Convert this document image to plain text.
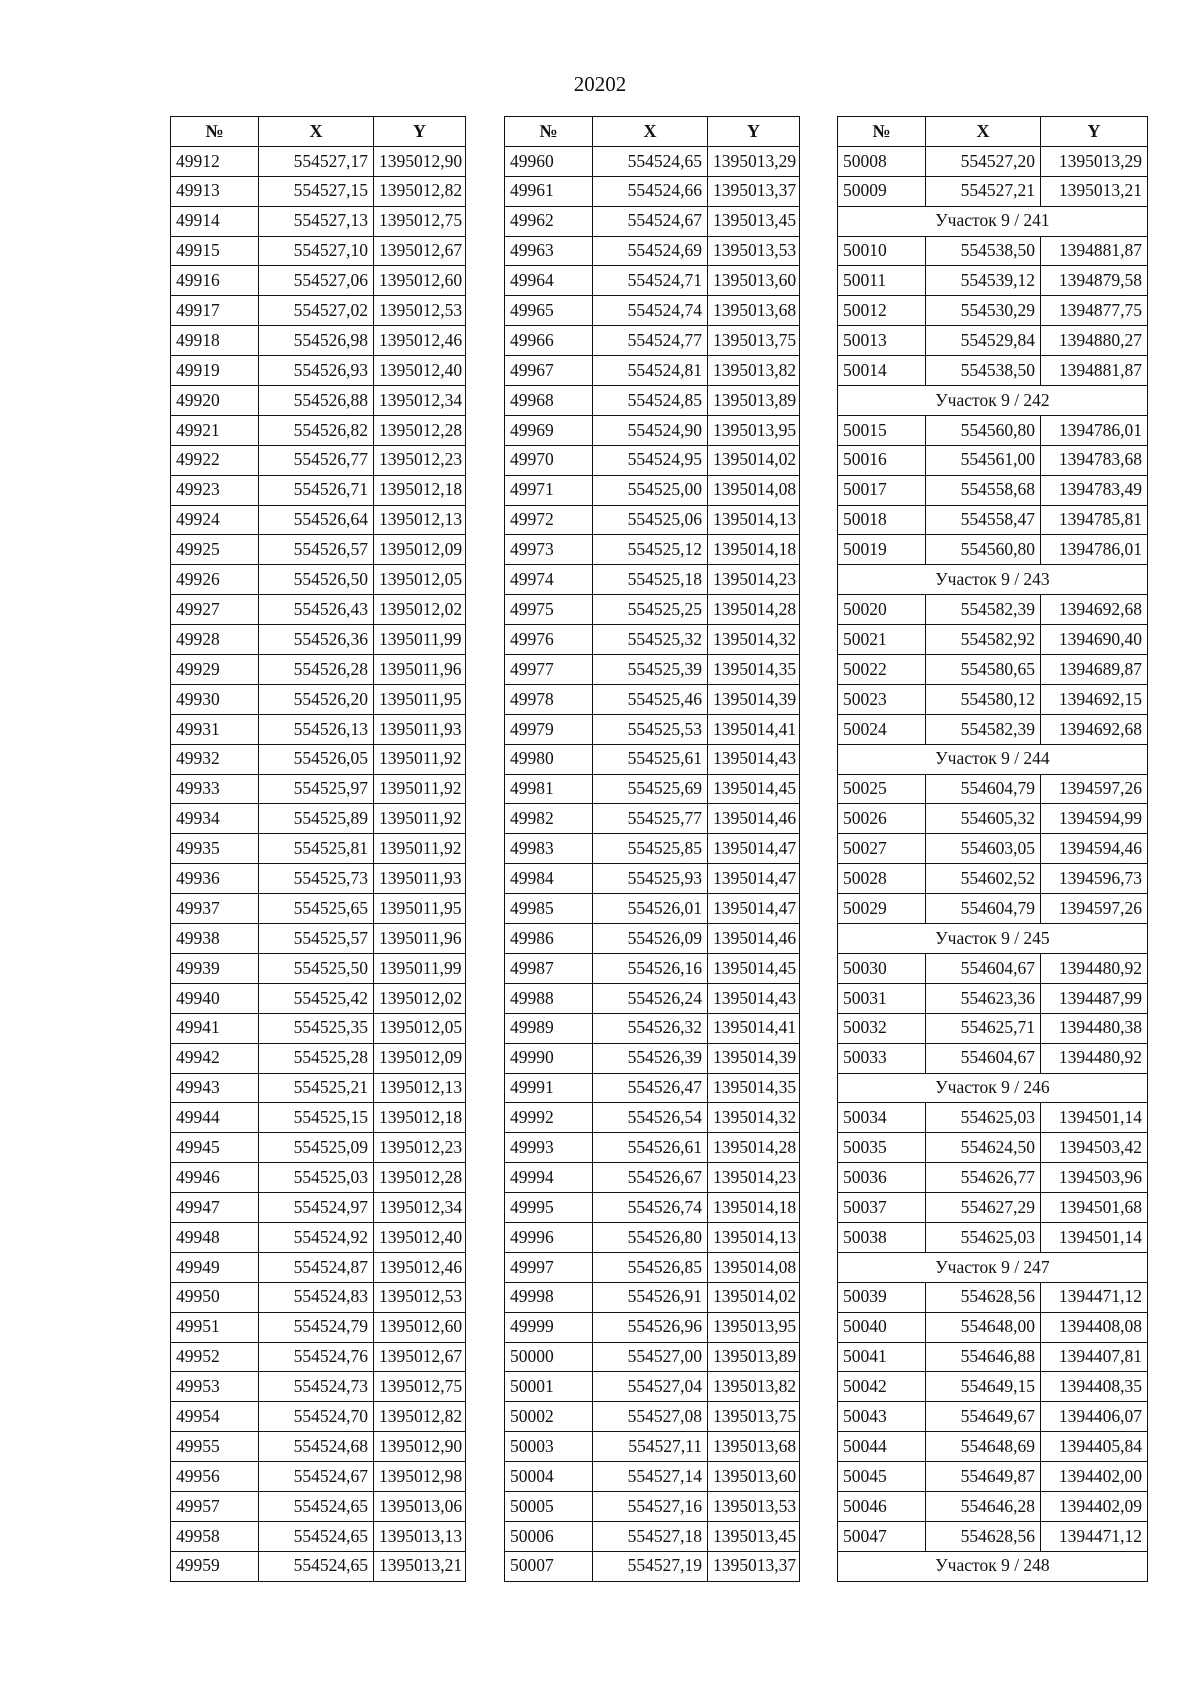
20202
№	X	Y
49912	554527,17	1395012,90
49913	554527,15	1395012,82
49914	554527,13	1395012,75
49915	554527,10	1395012,67
49916	554527,06	1395012,60
49917	554527,02	1395012,53
49918	554526,98	1395012,46
49919	554526,93	1395012,40
49920	554526,88	1395012,34
49921	554526,82	1395012,28
49922	554526,77	1395012,23
49923	554526,71	1395012,18
49924	554526,64	1395012,13
49925	554526,57	1395012,09
49926	554526,50	1395012,05
49927	554526,43	1395012,02
49928	554526,36	1395011,99
49929	554526,28	1395011,96
49930	554526,20	1395011,95
49931	554526,13	1395011,93
49932	554526,05	1395011,92
49933	554525,97	1395011,92
49934	554525,89	1395011,92
49935	554525,81	1395011,92
49936	554525,73	1395011,93
49937	554525,65	1395011,95
49938	554525,57	1395011,96
49939	554525,50	1395011,99
49940	554525,42	1395012,02
49941	554525,35	1395012,05
49942	554525,28	1395012,09
49943	554525,21	1395012,13
49944	554525,15	1395012,18
49945	554525,09	1395012,23
49946	554525,03	1395012,28
49947	554524,97	1395012,34
49948	554524,92	1395012,40
49949	554524,87	1395012,46
49950	554524,83	1395012,53
49951	554524,79	1395012,60
49952	554524,76	1395012,67
49953	554524,73	1395012,75
49954	554524,70	1395012,82
49955	554524,68	1395012,90
49956	554524,67	1395012,98
49957	554524,65	1395013,06
49958	554524,65	1395013,13
49959	554524,65	1395013,21
№	X	Y
49960	554524,65	1395013,29
49961	554524,66	1395013,37
49962	554524,67	1395013,45
49963	554524,69	1395013,53
49964	554524,71	1395013,60
49965	554524,74	1395013,68
49966	554524,77	1395013,75
49967	554524,81	1395013,82
49968	554524,85	1395013,89
49969	554524,90	1395013,95
49970	554524,95	1395014,02
49971	554525,00	1395014,08
49972	554525,06	1395014,13
49973	554525,12	1395014,18
49974	554525,18	1395014,23
49975	554525,25	1395014,28
49976	554525,32	1395014,32
49977	554525,39	1395014,35
49978	554525,46	1395014,39
49979	554525,53	1395014,41
49980	554525,61	1395014,43
49981	554525,69	1395014,45
49982	554525,77	1395014,46
49983	554525,85	1395014,47
49984	554525,93	1395014,47
49985	554526,01	1395014,47
49986	554526,09	1395014,46
49987	554526,16	1395014,45
49988	554526,24	1395014,43
49989	554526,32	1395014,41
49990	554526,39	1395014,39
49991	554526,47	1395014,35
49992	554526,54	1395014,32
49993	554526,61	1395014,28
49994	554526,67	1395014,23
49995	554526,74	1395014,18
49996	554526,80	1395014,13
49997	554526,85	1395014,08
49998	554526,91	1395014,02
49999	554526,96	1395013,95
50000	554527,00	1395013,89
50001	554527,04	1395013,82
50002	554527,08	1395013,75
50003	554527,11	1395013,68
50004	554527,14	1395013,60
50005	554527,16	1395013,53
50006	554527,18	1395013,45
50007	554527,19	1395013,37
№	X	Y
50008	554527,20	1395013,29
50009	554527,21	1395013,21
Участок 9 / 241		
50010	554538,50	1394881,87
50011	554539,12	1394879,58
50012	554530,29	1394877,75
50013	554529,84	1394880,27
50014	554538,50	1394881,87
Участок 9 / 242		
50015	554560,80	1394786,01
50016	554561,00	1394783,68
50017	554558,68	1394783,49
50018	554558,47	1394785,81
50019	554560,80	1394786,01
Участок 9 / 243		
50020	554582,39	1394692,68
50021	554582,92	1394690,40
50022	554580,65	1394689,87
50023	554580,12	1394692,15
50024	554582,39	1394692,68
Участок 9 / 244		
50025	554604,79	1394597,26
50026	554605,32	1394594,99
50027	554603,05	1394594,46
50028	554602,52	1394596,73
50029	554604,79	1394597,26
Участок 9 / 245		
50030	554604,67	1394480,92
50031	554623,36	1394487,99
50032	554625,71	1394480,38
50033	554604,67	1394480,92
Участок 9 / 246		
50034	554625,03	1394501,14
50035	554624,50	1394503,42
50036	554626,77	1394503,96
50037	554627,29	1394501,68
50038	554625,03	1394501,14
Участок 9 / 247		
50039	554628,56	1394471,12
50040	554648,00	1394408,08
50041	554646,88	1394407,81
50042	554649,15	1394408,35
50043	554649,67	1394406,07
50044	554648,69	1394405,84
50045	554649,87	1394402,00
50046	554646,28	1394402,09
50047	554628,56	1394471,12
Участок 9 / 248		
